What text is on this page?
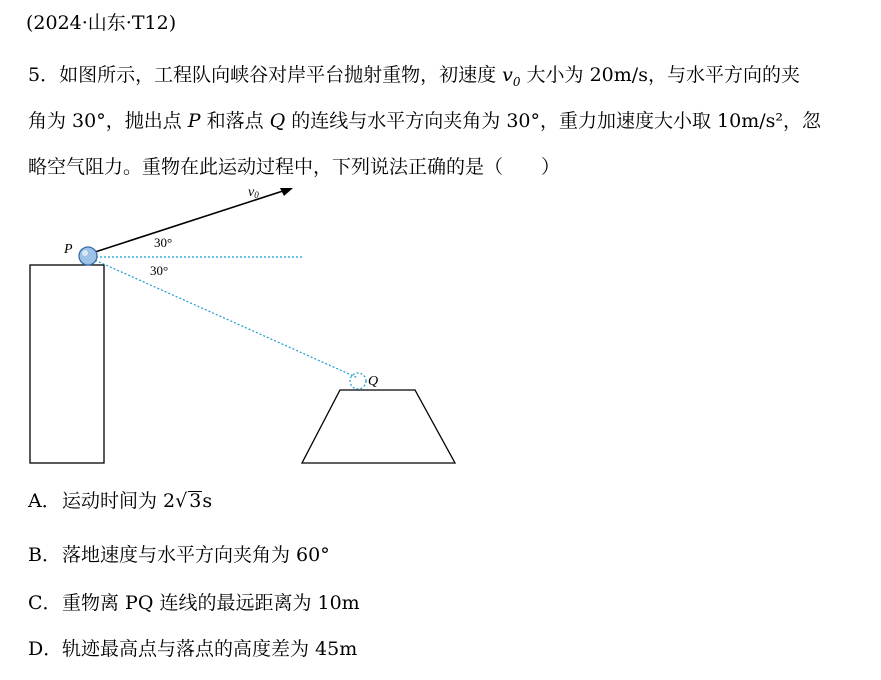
(2024·山东·T12)
5．如图所示，工程队向峡谷对岸平台抛射重物，初速度 $v_0$ 大小为 20m/s，与水平方向的夹
角为 30°，抛出点 P 和落点 Q 的连线与水平方向夹角为 30°，重力加速度大小取 10m/s²，忽
略空气阻力。重物在此运动过程中，下列说法正确的是（　　）
P
Q
v0
30°
30°
A．运动时间为 2√ 3s
B．落地速度与水平方向夹角为 60°
C．重物离 PQ 连线的最远距离为 10m
D．轨迹最高点与落点的高度差为 45m
